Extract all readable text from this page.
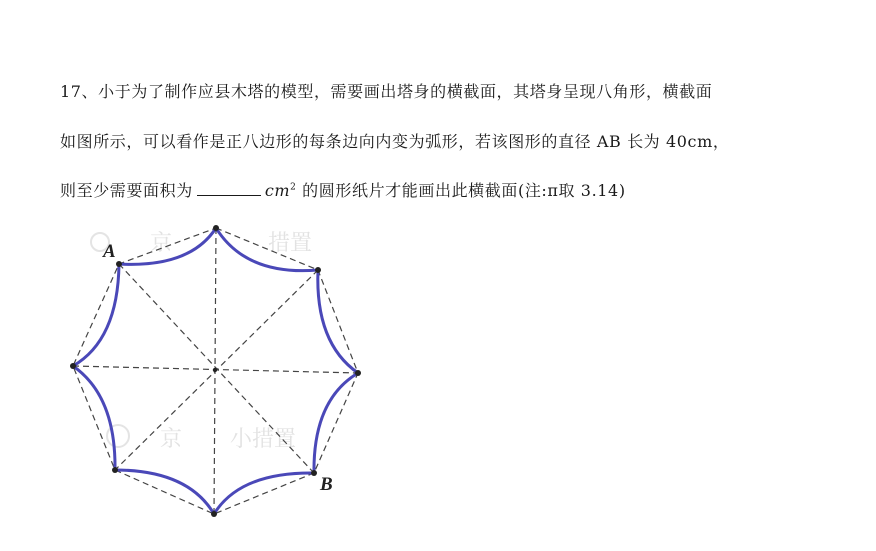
17、小于为了制作应县木塔的模型，需要画出塔身的横截面，其塔身呈现八角形，横截面
如图所示，可以看作是正八边形的每条边向内变为弧形，若该图形的直径 AB 长为 40cm，
则至少需要面积为	$cm^2$ 的圆形纸片才能画出此横截面(注:π取 3.14)
京	措置
京 小措置
A
B
